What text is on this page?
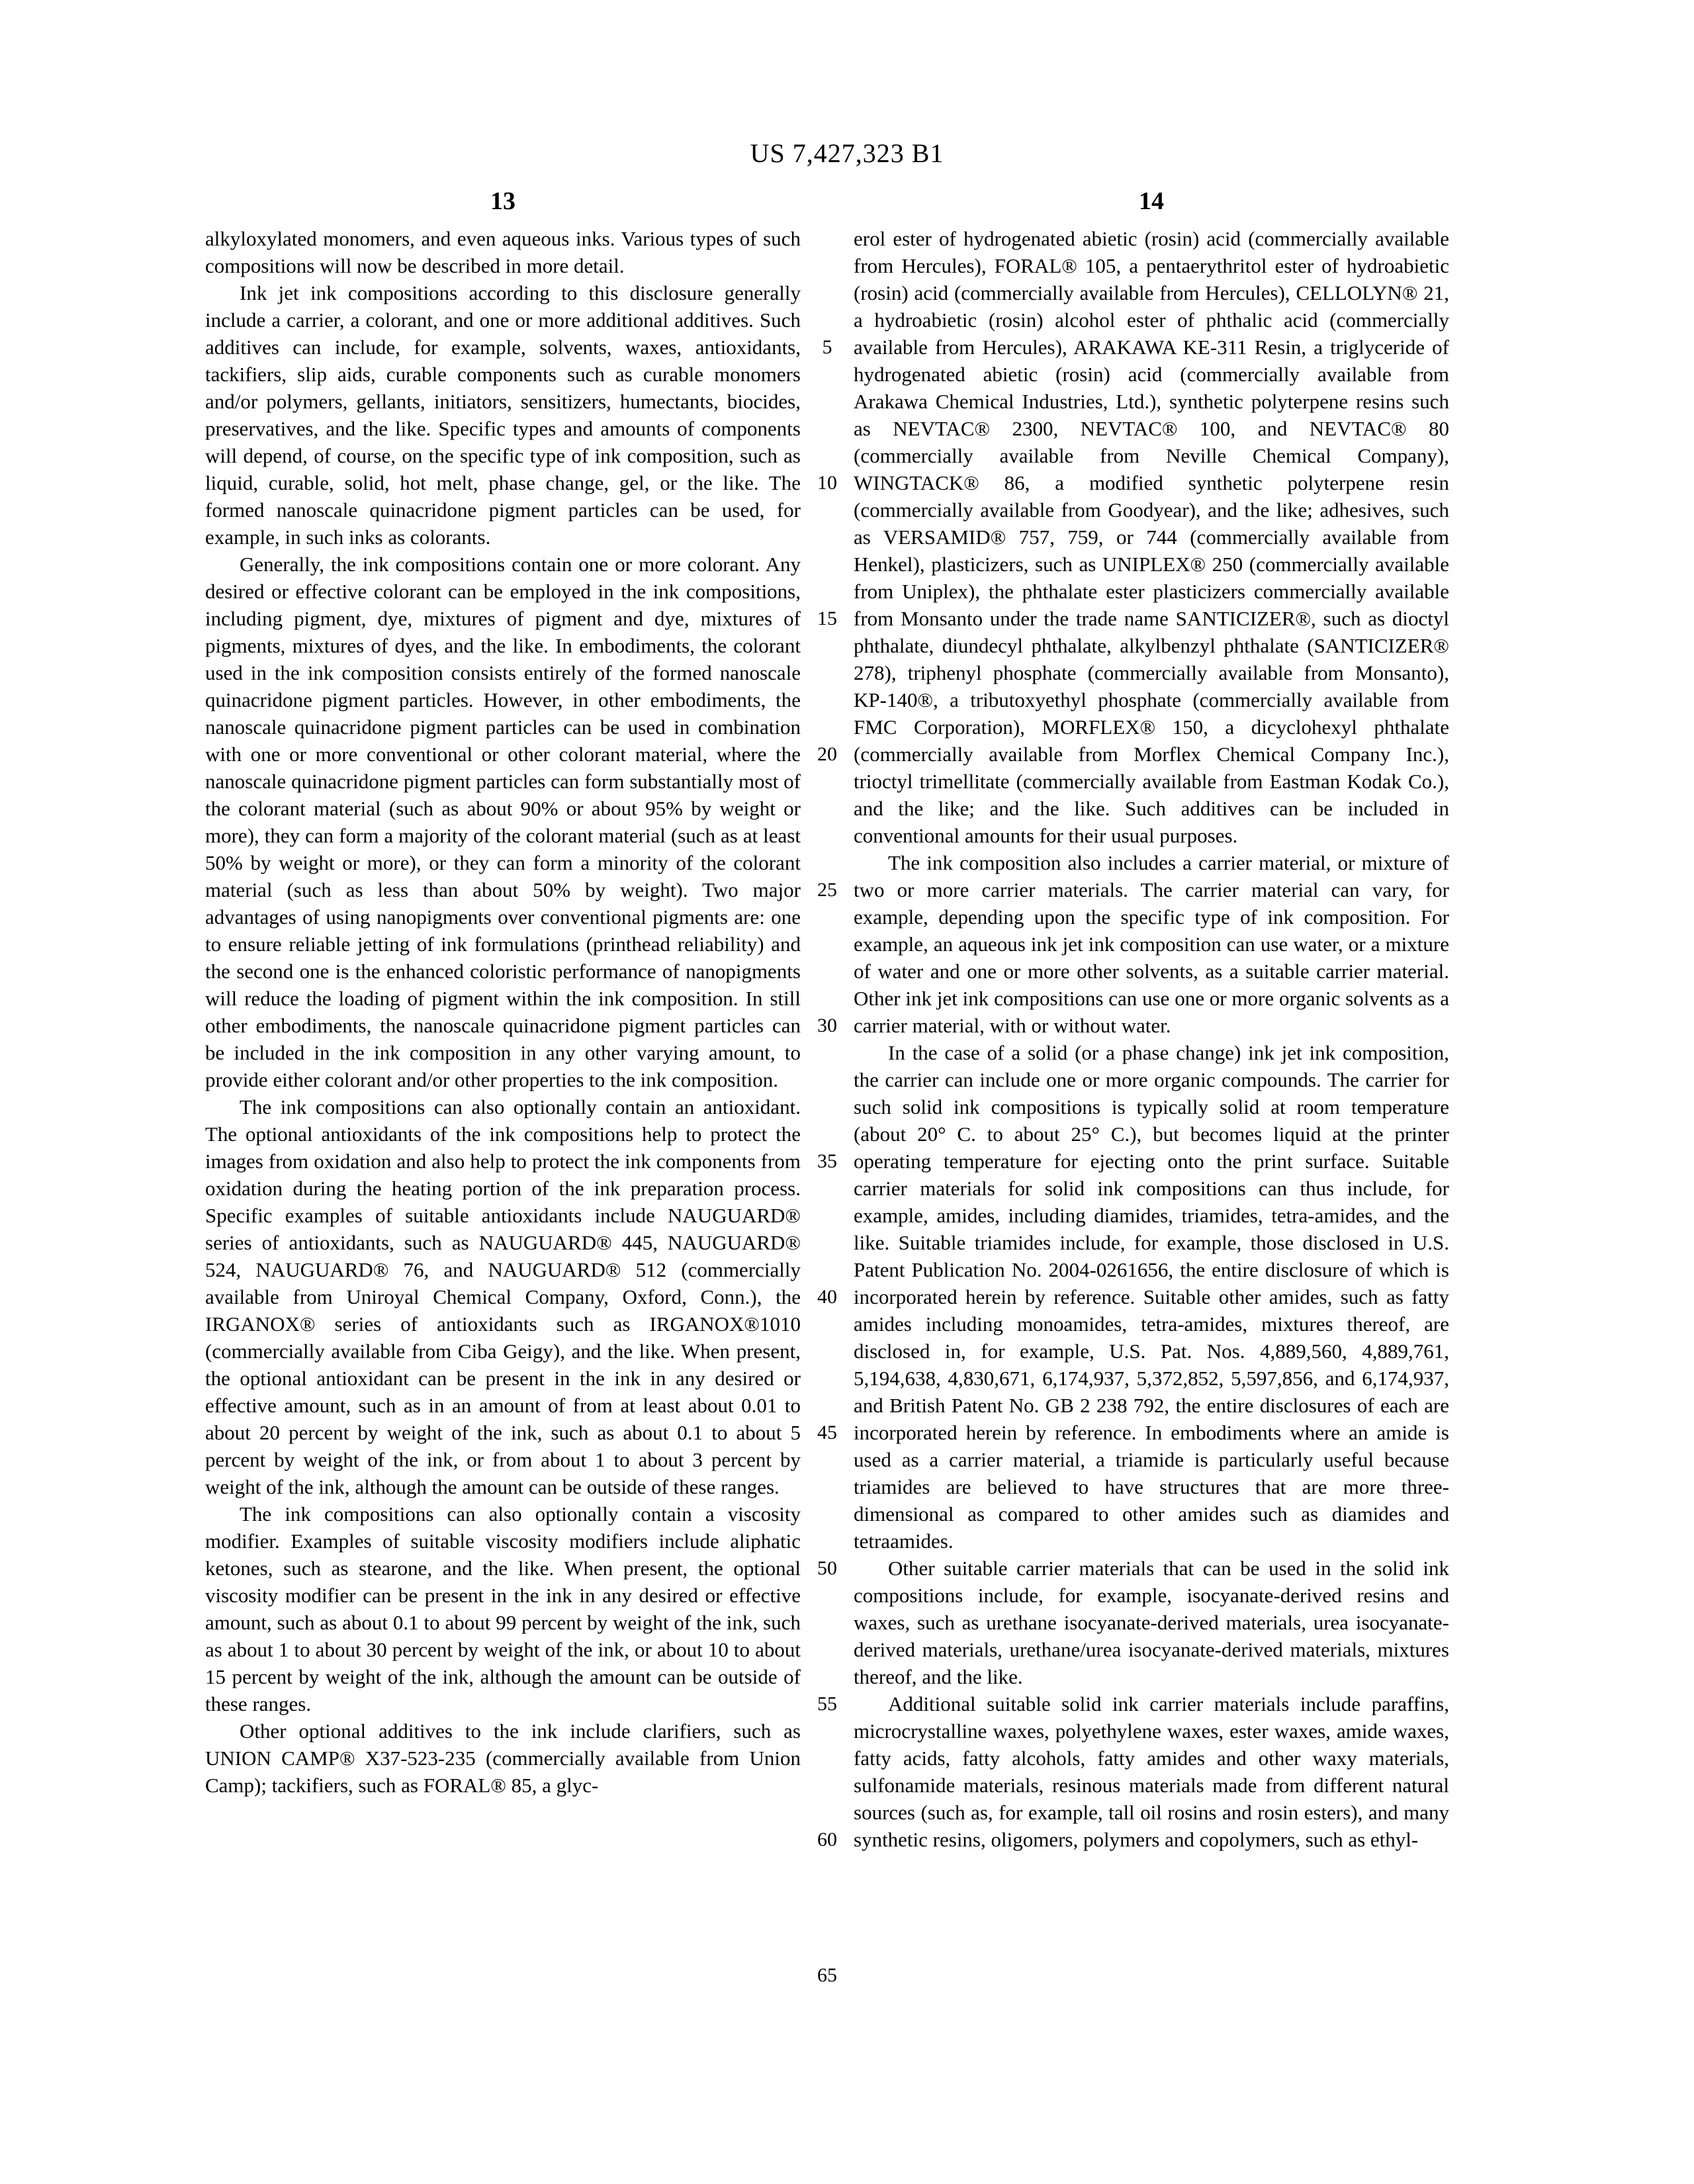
US 7,427,323 B1
13	14

alkyloxylated monomers, and even aqueous inks. Various types of such compositions will now be described in more detail.

Ink jet ink compositions according to this disclosure generally include a carrier, a colorant, and one or more additional additives. Such additives can include, for example, solvents, waxes, antioxidants, tackifiers, slip aids, curable components such as curable monomers and/or polymers, gellants, initiators, sensitizers, humectants, biocides, preservatives, and the like. Specific types and amounts of components will depend, of course, on the specific type of ink composition, such as liquid, curable, solid, hot melt, phase change, gel, or the like. The formed nanoscale quinacridone pigment particles can be used, for example, in such inks as colorants.

Generally, the ink compositions contain one or more colorant. Any desired or effective colorant can be employed in the ink compositions, including pigment, dye, mixtures of pigment and dye, mixtures of pigments, mixtures of dyes, and the like. In embodiments, the colorant used in the ink composition consists entirely of the formed nanoscale quinacridone pigment particles. However, in other embodiments, the nanoscale quinacridone pigment particles can be used in combination with one or more conventional or other colorant material, where the nanoscale quinacridone pigment particles can form substantially most of the colorant material (such as about 90% or about 95% by weight or more), they can form a majority of the colorant material (such as at least 50% by weight or more), or they can form a minority of the colorant material (such as less than about 50% by weight). Two major advantages of using nanopigments over conventional pigments are: one to ensure reliable jetting of ink formulations (printhead reliability) and the second one is the enhanced coloristic performance of nanopigments will reduce the loading of pigment within the ink composition. In still other embodiments, the nanoscale quinacridone pigment particles can be included in the ink composition in any other varying amount, to provide either colorant and/or other properties to the ink composition.

The ink compositions can also optionally contain an antioxidant. The optional antioxidants of the ink compositions help to protect the images from oxidation and also help to protect the ink components from oxidation during the heating portion of the ink preparation process. Specific examples of suitable antioxidants include NAUGUARD® series of antioxidants, such as NAUGUARD® 445, NAUGUARD® 524, NAUGUARD® 76, and NAUGUARD® 512 (commercially available from Uniroyal Chemical Company, Oxford, Conn.), the IRGANOX® series of antioxidants such as IRGANOX®1010 (commercially available from Ciba Geigy), and the like. When present, the optional antioxidant can be present in the ink in any desired or effective amount, such as in an amount of from at least about 0.01 to about 20 percent by weight of the ink, such as about 0.1 to about 5 percent by weight of the ink, or from about 1 to about 3 percent by weight of the ink, although the amount can be outside of these ranges.

The ink compositions can also optionally contain a viscosity modifier. Examples of suitable viscosity modifiers include aliphatic ketones, such as stearone, and the like. When present, the optional viscosity modifier can be present in the ink in any desired or effective amount, such as about 0.1 to about 99 percent by weight of the ink, such as about 1 to about 30 percent by weight of the ink, or about 10 to about 15 percent by weight of the ink, although the amount can be outside of these ranges.

Other optional additives to the ink include clarifiers, such as UNION CAMP® X37-523-235 (commercially available from Union Camp); tackifiers, such as FORAL® 85, a glyc-

5
10
15
20
25
30
35
40
45
50
55
60
65

erol ester of hydrogenated abietic (rosin) acid (commercially available from Hercules), FORAL® 105, a pentaerythritol ester of hydroabietic (rosin) acid (commercially available from Hercules), CELLOLYN® 21, a hydroabietic (rosin) alcohol ester of phthalic acid (commercially available from Hercules), ARAKAWA KE-311 Resin, a triglyceride of hydrogenated abietic (rosin) acid (commercially available from Arakawa Chemical Industries, Ltd.), synthetic polyterpene resins such as NEVTAC® 2300, NEVTAC® 100, and NEVTAC® 80 (commercially available from Neville Chemical Company), WINGTACK® 86, a modified synthetic polyterpene resin (commercially available from Goodyear), and the like; adhesives, such as VERSAMID® 757, 759, or 744 (commercially available from Henkel), plasticizers, such as UNIPLEX® 250 (commercially available from Uniplex), the phthalate ester plasticizers commercially available from Monsanto under the trade name SANTICIZER®, such as dioctyl phthalate, diundecyl phthalate, alkylbenzyl phthalate (SANTICIZER® 278), triphenyl phosphate (commercially available from Monsanto), KP-140®, a tributoxyethyl phosphate (commercially available from FMC Corporation), MORFLEX® 150, a dicyclohexyl phthalate (commercially available from Morflex Chemical Company Inc.), trioctyl trimellitate (commercially available from Eastman Kodak Co.), and the like; and the like. Such additives can be included in conventional amounts for their usual purposes.

The ink composition also includes a carrier material, or mixture of two or more carrier materials. The carrier material can vary, for example, depending upon the specific type of ink composition. For example, an aqueous ink jet ink composition can use water, or a mixture of water and one or more other solvents, as a suitable carrier material. Other ink jet ink compositions can use one or more organic solvents as a carrier material, with or without water.

In the case of a solid (or a phase change) ink jet ink composition, the carrier can include one or more organic compounds. The carrier for such solid ink compositions is typically solid at room temperature (about 20° C. to about 25° C.), but becomes liquid at the printer operating temperature for ejecting onto the print surface. Suitable carrier materials for solid ink compositions can thus include, for example, amides, including diamides, triamides, tetra-amides, and the like. Suitable triamides include, for example, those disclosed in U.S. Patent Publication No. 2004-0261656, the entire disclosure of which is incorporated herein by reference. Suitable other amides, such as fatty amides including monoamides, tetra-amides, mixtures thereof, are disclosed in, for example, U.S. Pat. Nos. 4,889,560, 4,889,761, 5,194,638, 4,830,671, 6,174,937, 5,372,852, 5,597,856, and 6,174,937, and British Patent No. GB 2 238 792, the entire disclosures of each are incorporated herein by reference. In embodiments where an amide is used as a carrier material, a triamide is particularly useful because triamides are believed to have structures that are more three-dimensional as compared to other amides such as diamides and tetraamides.

Other suitable carrier materials that can be used in the solid ink compositions include, for example, isocyanate-derived resins and waxes, such as urethane isocyanate-derived materials, urea isocyanate-derived materials, urethane/urea isocyanate-derived materials, mixtures thereof, and the like.

Additional suitable solid ink carrier materials include paraffins, microcrystalline waxes, polyethylene waxes, ester waxes, amide waxes, fatty acids, fatty alcohols, fatty amides and other waxy materials, sulfonamide materials, resinous materials made from different natural sources (such as, for example, tall oil rosins and rosin esters), and many synthetic resins, oligomers, polymers and copolymers, such as ethyl-
